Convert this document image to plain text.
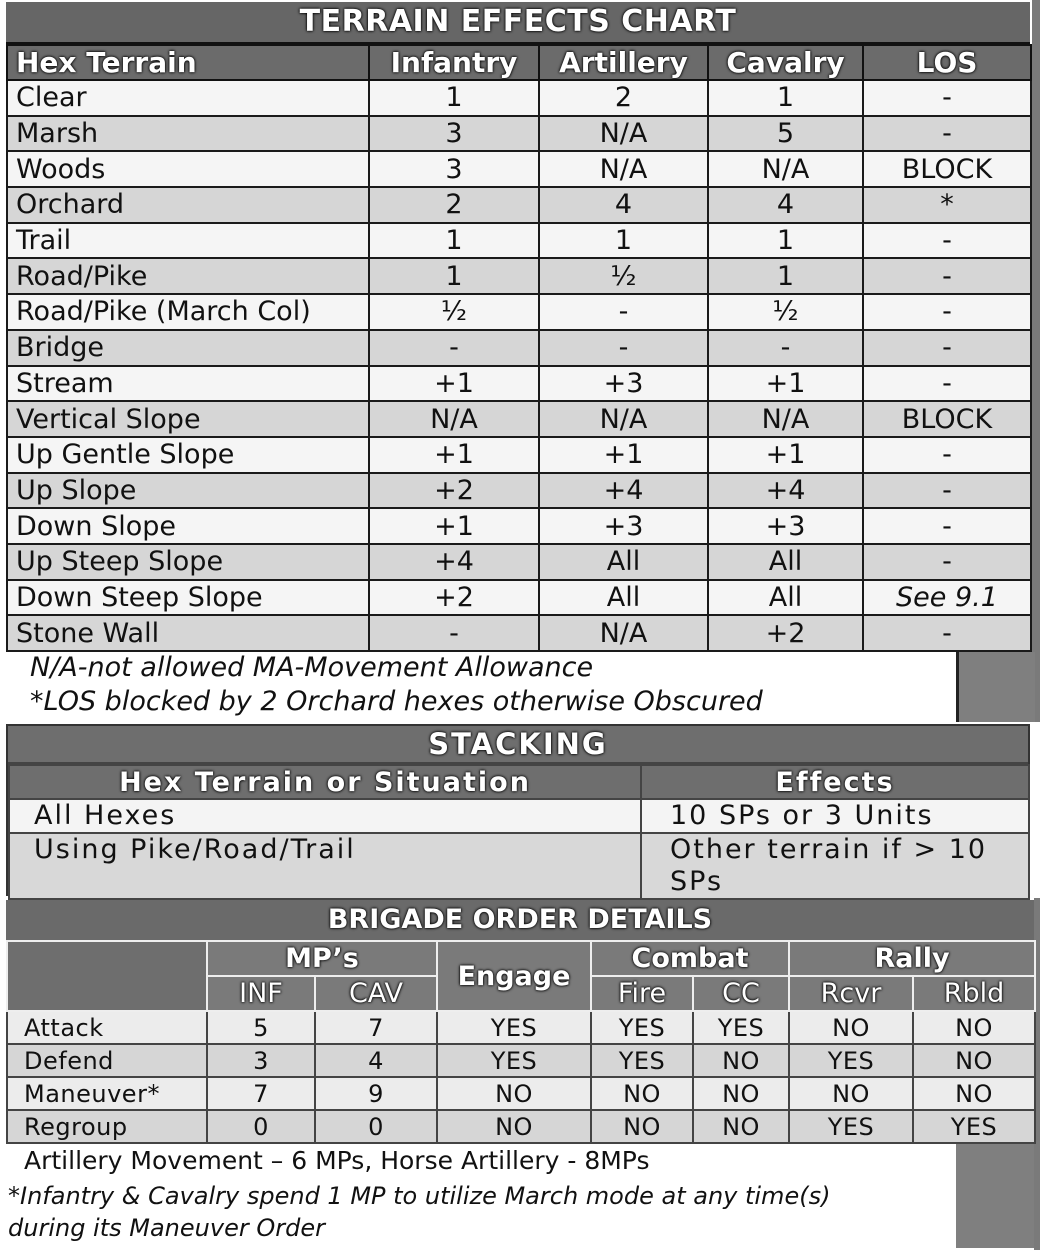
TERRAIN EFFECTS CHART
Hex Terrain	Infantry	Artillery	Cavalry	LOS
Clear	1	2	1	-
Marsh	3	N/A	5	-
Woods	3	N/A	N/A	BLOCK
Orchard	2	4	4	*
Trail	1	1	1	-
Road/Pike	1	½	1	-
Road/Pike (March Col)	½	-	½	-
Bridge	-	-	-	-
Stream	+1	+3	+1	-
Vertical Slope	N/A	N/A	N/A	BLOCK
Up Gentle Slope	+1	+1	+1	-
Up Slope	+2	+4	+4	-
Down Slope	+1	+3	+3	-
Up Steep Slope	+4	All	All	-
Down Steep Slope	+2	All	All	See 9.1
Stone Wall	-	N/A	+2	-
N/A-not allowed MA-Movement Allowance
*LOS blocked by 2 Orchard hexes otherwise Obscured
STACKING
Hex Terrain or Situation	Effects
All Hexes	10 SPs or 3 Units
Using Pike/Road/Trail	Other terrain if > 10 SPs
BRIGADE ORDER DETAILS
	MP’s		Engage	Combat		Rally	
	INF	CAV		Fire	CC	Rcvr	Rbld
Attack	5	7	YES	YES	YES	NO	NO
Defend	3	4	YES	YES	NO	YES	NO
Maneuver*	7	9	NO	NO	NO	NO	NO
Regroup	0	0	NO	NO	NO	YES	YES
Artillery Movement – 6 MPs, Horse Artillery - 8MPs
*Infantry & Cavalry spend 1 MP to utilize March mode at any time(s)
during its Maneuver Order
